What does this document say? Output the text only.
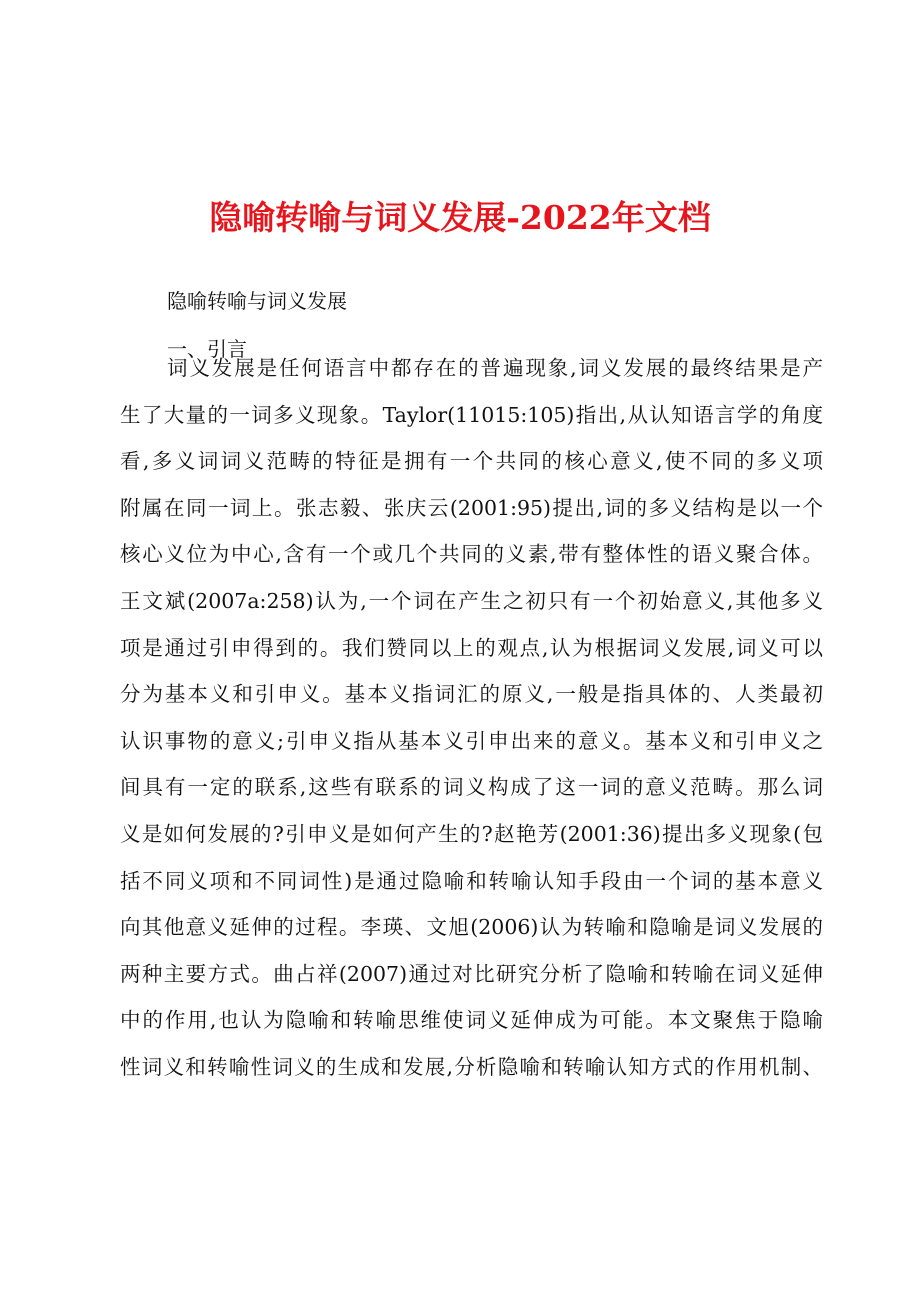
隐喻转喻与词义发展-2022年文档
隐喻转喻与词义发展
一、引言
词义发展是任何语言中都存在的普遍现象,词义发展的最终结果是产
生了大量的一词多义现象。Taylor(11015:105)指出,从认知语言学的角度
看,多义词词义范畴的特征是拥有一个共同的核心意义,使不同的多义项
附属在同一词上。张志毅、张庆云(2001:95)提出,词的多义结构是以一个
核心义位为中心,含有一个或几个共同的义素,带有整体性的语义聚合体。
王文斌(2007a:258)认为,一个词在产生之初只有一个初始意义,其他多义
项是通过引申得到的。我们赞同以上的观点,认为根据词义发展,词义可以
分为基本义和引申义。基本义指词汇的原义,一般是指具体的、人类最初
认识事物的意义;引申义指从基本义引申出来的意义。基本义和引申义之
间具有一定的联系,这些有联系的词义构成了这一词的意义范畴。那么词
义是如何发展的?引申义是如何产生的?赵艳芳(2001:36)提出多义现象(包
括不同义项和不同词性)是通过隐喻和转喻认知手段由一个词的基本意义
向其他意义延伸的过程。李瑛、文旭(2006)认为转喻和隐喻是词义发展的
两种主要方式。曲占祥(2007)通过对比研究分析了隐喻和转喻在词义延伸
中的作用,也认为隐喻和转喻思维使词义延伸成为可能。本文聚焦于隐喻
性词义和转喻性词义的生成和发展,分析隐喻和转喻认知方式的作用机制、
